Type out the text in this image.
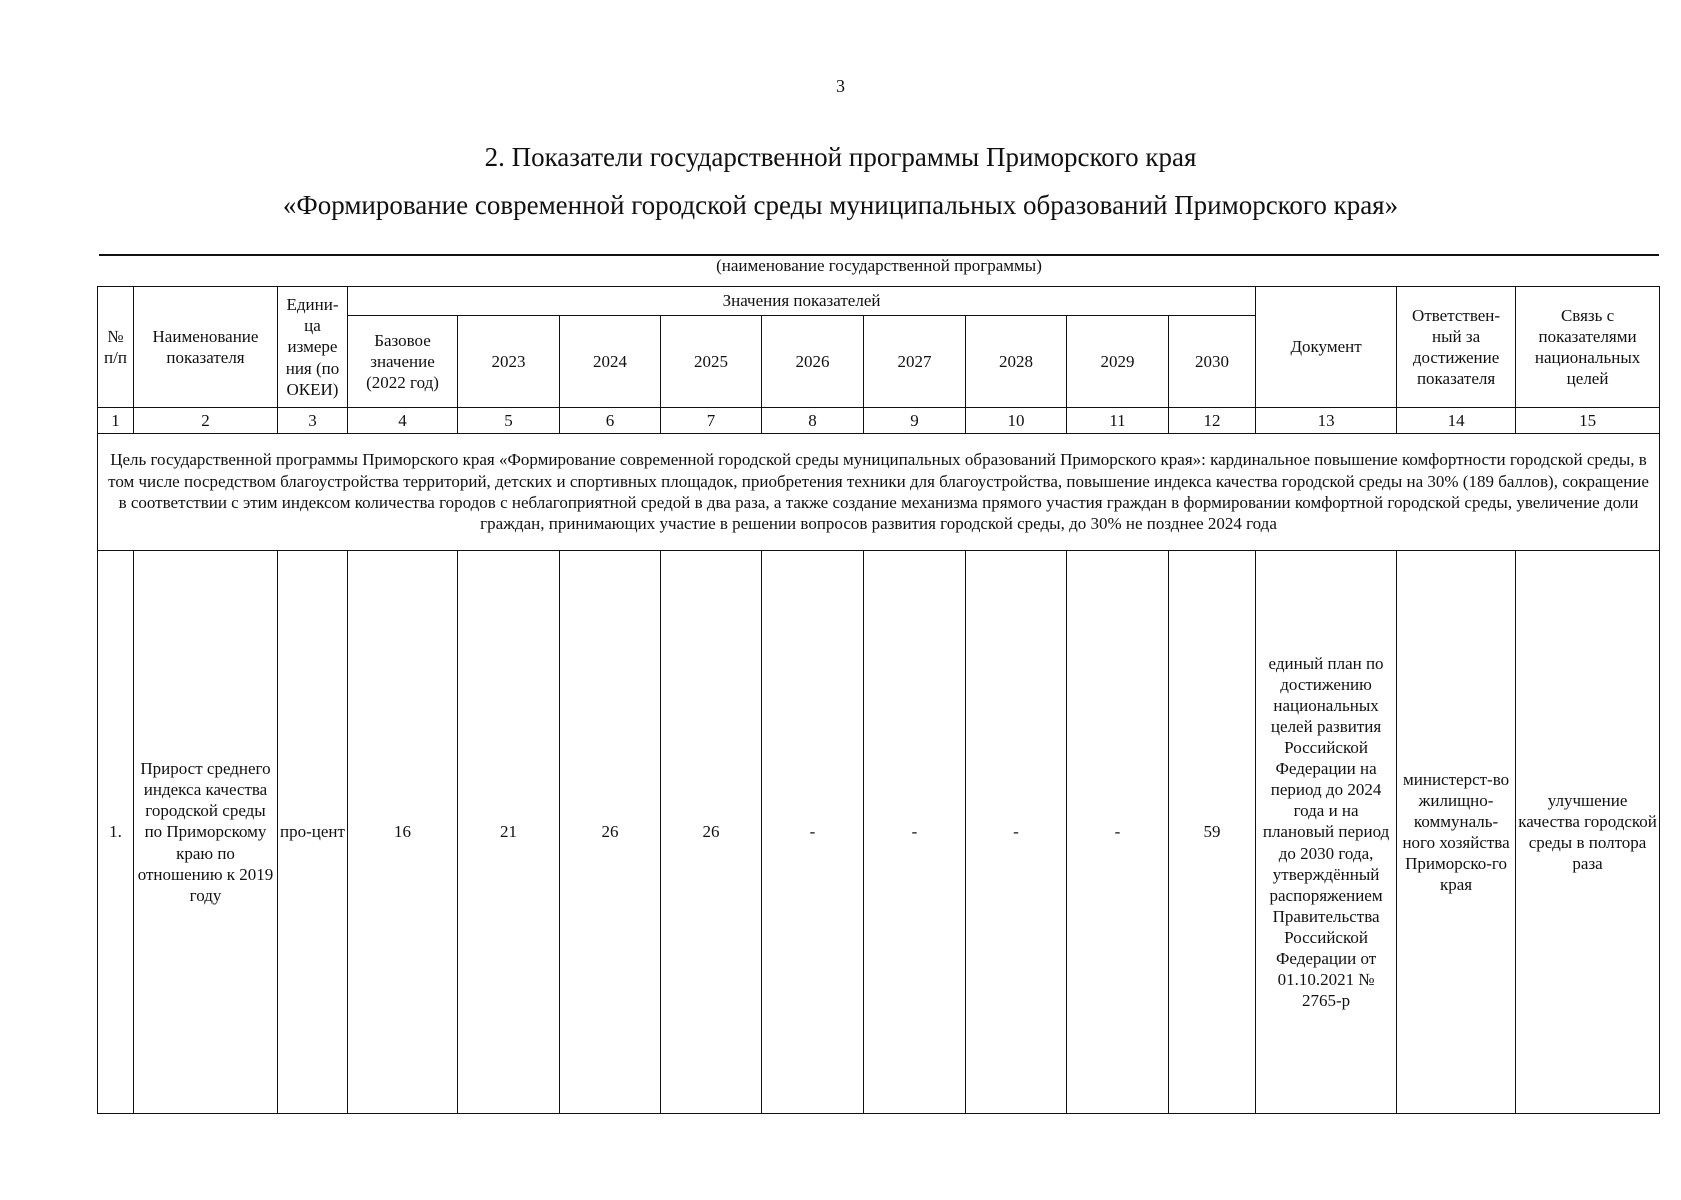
3
2. Показатели государственной программы Приморского края
«Формирование современной городской среды муниципальных образований Приморского края»
(наименование государственной программы)
№ п/п	Наименование показателя	Едини-ца измере ния (по ОКЕИ)	Значения показателей									Документ	Ответствен-ный за достижение показателя	Связь с показателями национальных целей
			Базовое значение (2022 год)	2023	2024	2025	2026	2027	2028	2029	2030			
1	2	3	4	5	6	7	8	9	10	11	12	13	14	15
Цель государственной программы Приморского края «Формирование современной городской среды муниципальных образований Приморского края»: кардинальное повышение комфортности городской среды, в том числе посредством благоустройства территорий, детских и спортивных площадок, приобретения техники для благоустройства, повышение индекса качества городской среды на 30% (189 баллов), сокращение в соответствии с этим индексом количества городов с неблагоприятной средой в два раза, а также создание механизма прямого участия граждан в формировании комфортной городской среды, увеличение доли граждан, принимающих участие в решении вопросов развития городской среды, до 30% не позднее 2024 года														
1.	Прирост среднего индекса качества городской среды по Приморскому краю по отношению к 2019 году	про-цент	16	21	26	26	-	-	-	-	59	единый план по достижению национальных целей развития Российской Федерации на период до 2024 года и на плановый период до 2030 года, утверждённый распоряжением Правительства Российской Федерации от 01.10.2021 № 2765-р	министерст-во жилищно-коммуналь-ного хозяйства Приморско-го края	улучшение качества городской среды в полтора раза
